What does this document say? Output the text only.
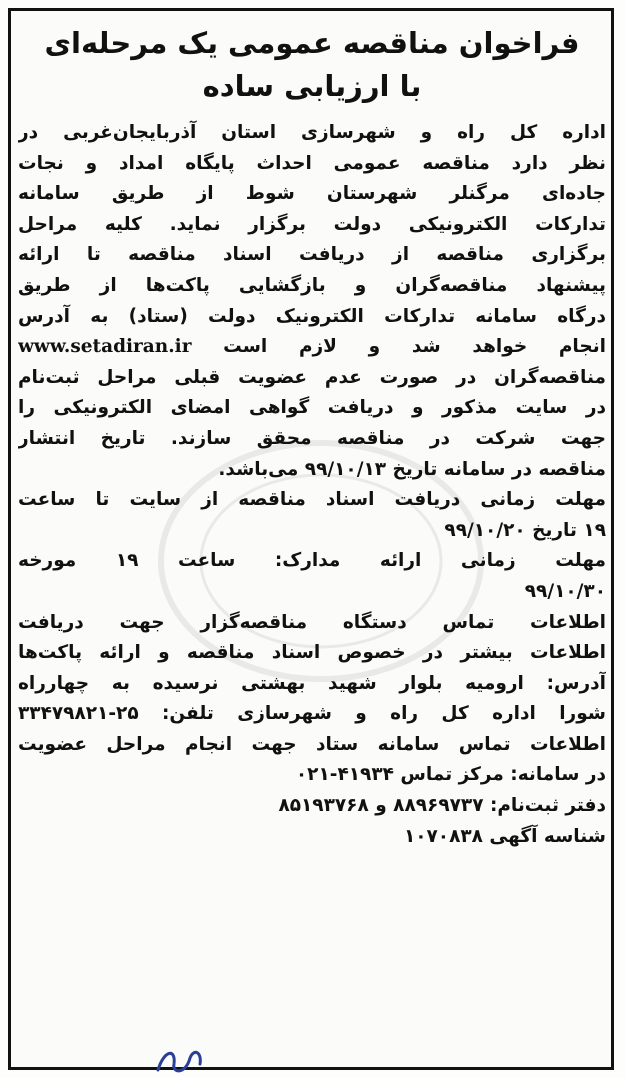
فراخوان مناقصه عمومی یک مرحله‌ای
با ارزیابی ساده
اداره کل راه و شهرسازی استان آذربایجان‌غربی در
نظر دارد مناقصه عمومی احداث پایگاه امداد و نجات
جاده‌ای مرگنلر شهرستان شوط از طریق سامانه
تدارکات الکترونیکی دولت برگزار نماید. کلیه مراحل
برگزاری مناقصه از دریافت اسناد مناقصه تا ارائه
پیشنهاد مناقصه‌گران و بازگشایی پاکت‌ها از طریق
درگاه سامانه تدارکات الکترونیک دولت (ستاد) به آدرس
انجام خواهد شد و لازم است www.setadiran.ir
مناقصه‌گران در صورت عدم عضویت قبلی مراحل ثبت‌نام
در سایت مذکور و دریافت گواهی امضای الکترونیکی را
جهت شرکت در مناقصه محقق سازند. تاریخ انتشار
مناقصه در سامانه تاریخ ۹۹/۱۰/۱۳ می‌باشد.
مهلت زمانی دریافت اسناد مناقصه از سایت تا ساعت
۱۹ تاریخ ۹۹/۱۰/۲۰
مهلت زمانی ارائه مدارک: ساعت ۱۹ مورخه
۹۹/۱۰/۳۰
اطلاعات تماس دستگاه مناقصه‌گزار جهت دریافت
اطلاعات بیشتر در خصوص اسناد مناقصه و ارائه پاکت‌ها
آدرس: ارومیه بلوار شهید بهشتی نرسیده به چهارراه
شورا اداره کل راه و شهرسازی تلفن: ۲۵-۳۳۴۷۹۸۲۱
اطلاعات تماس سامانه ستاد جهت انجام مراحل عضویت
در سامانه: مرکز تماس ۴۱۹۳۴-۰۲۱
دفتر ثبت‌نام: ۸۸۹۶۹۷۳۷ و ۸۵۱۹۳۷۶۸
شناسه آگهی ۱۰۷۰۸۳۸
